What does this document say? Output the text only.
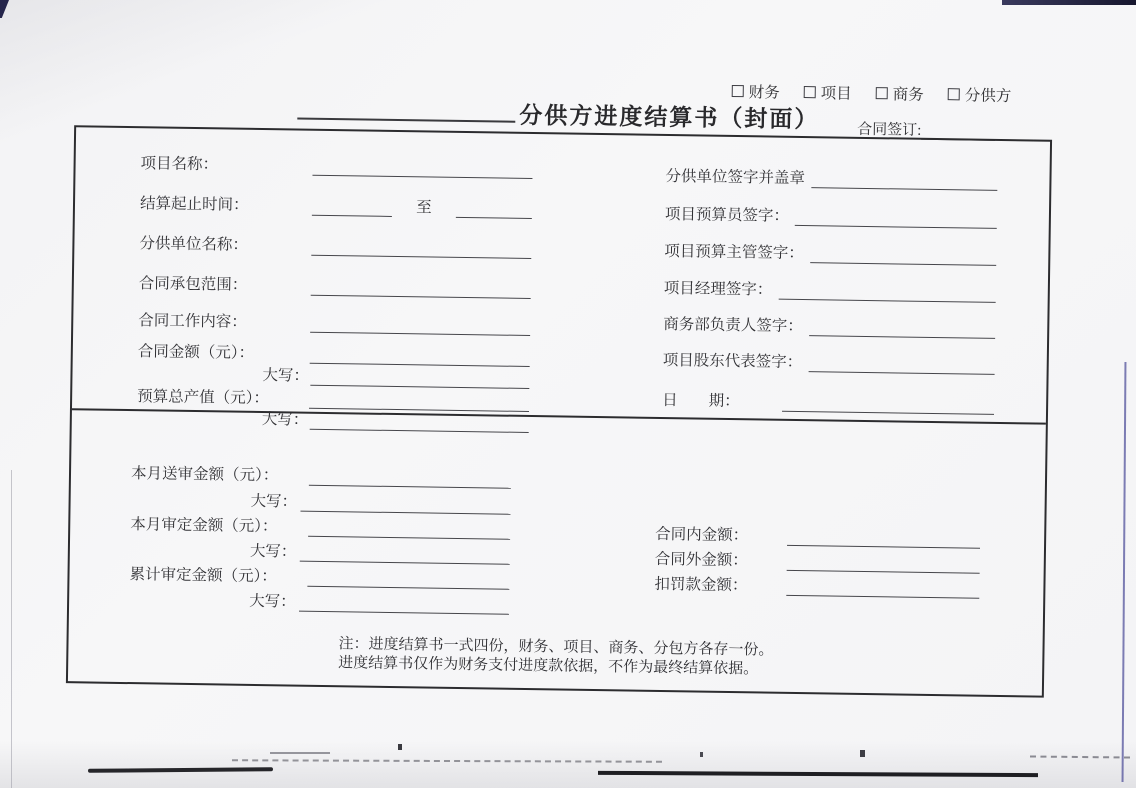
财务	项目	商务	分供方
分供方进度结算书（封面）	合同签订:
项目名称：
结算起止时间：	至
分供单位名称：
合同承包范围：
合同工作内容：
合同金额（元）：
大写：
预算总产值（元）：
大写：
分供单位签字并盖章
项目预算员签字：
项目预算主管签字：
项目经理签字：
商务部负责人签字：
项目股东代表签字：
日　　期：
本月送审金额（元）：
大写：
本月审定金额（元）：
大写：
累计审定金额（元）：
大写：
合同内金额：
合同外金额：
扣罚款金额：
注：进度结算书一式四份，财务、项目、商务、分包方各存一份。
进度结算书仅作为财务支付进度款依据，不作为最终结算依据。
